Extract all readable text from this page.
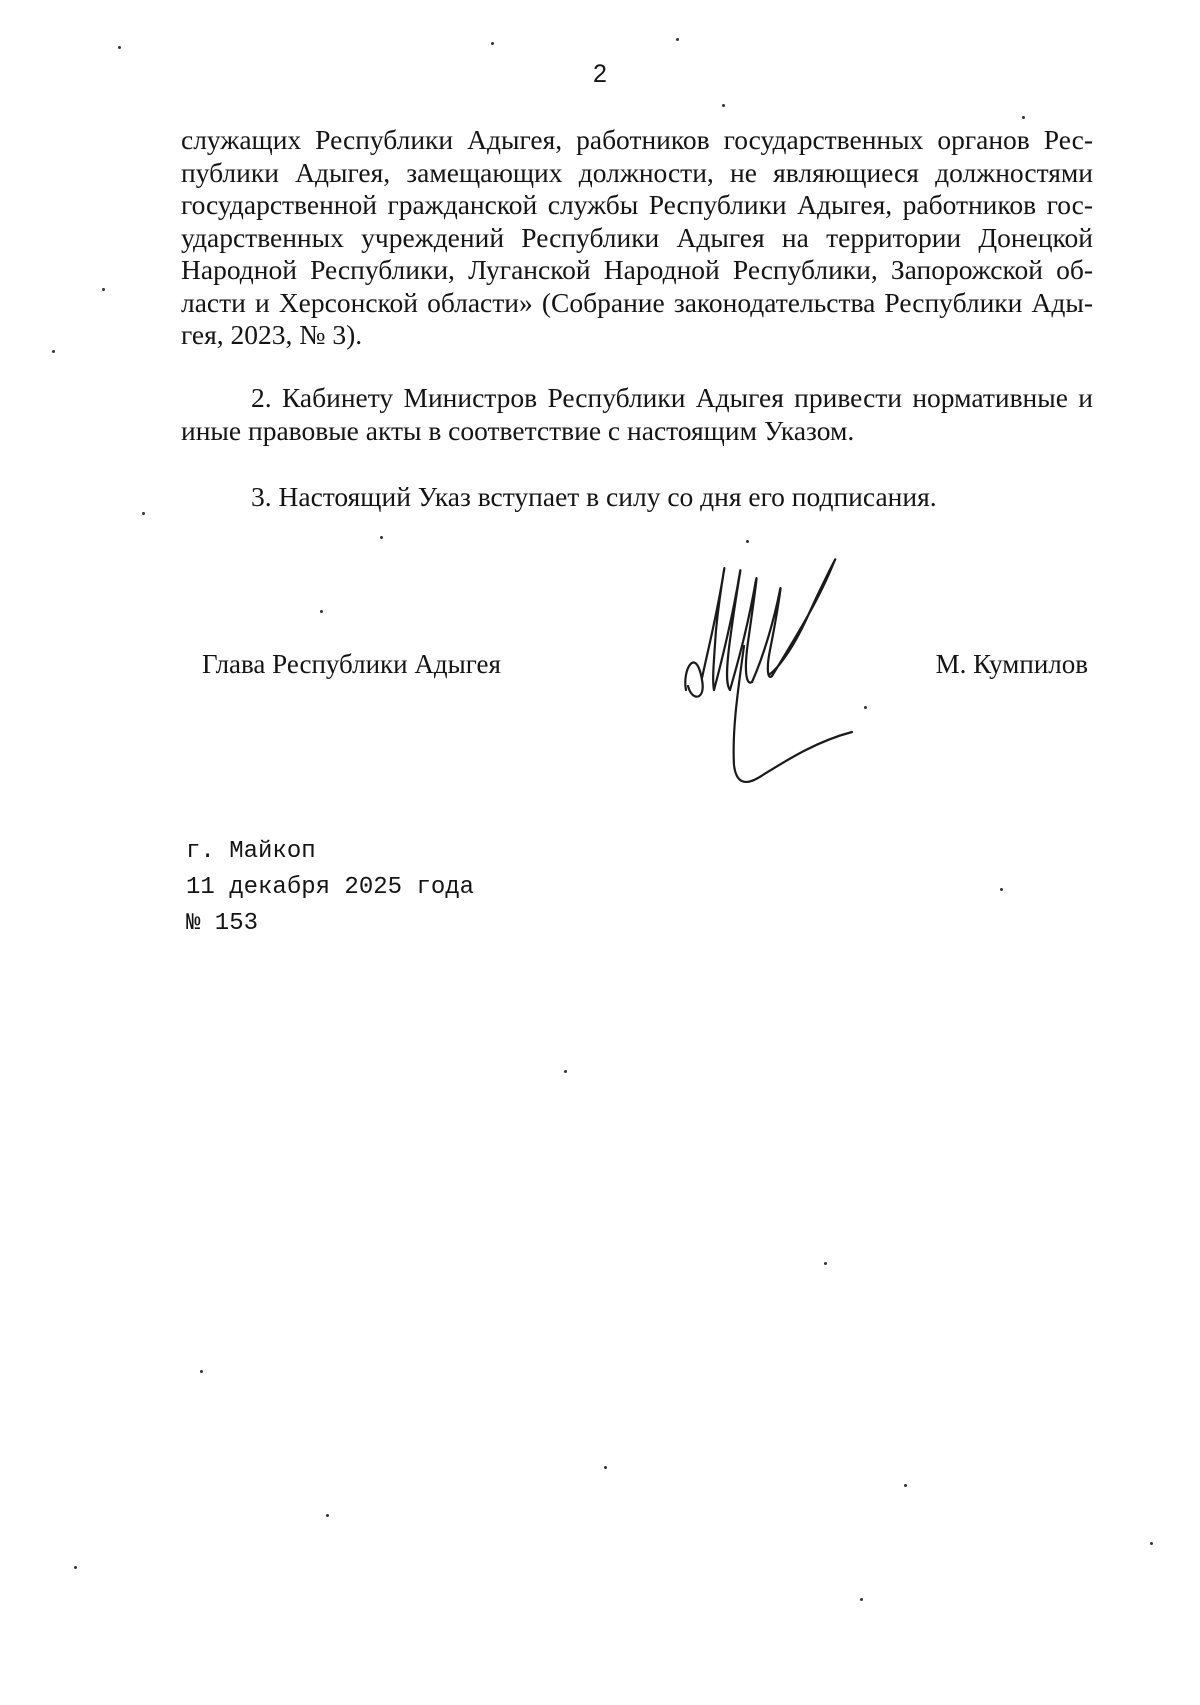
2
служащих Республики Адыгея, работников государственных органов Рес-
публики Адыгея, замещающих должности, не являющиеся должностями
государственной гражданской службы Республики Адыгея, работников гос-
ударственных учреждений Республики Адыгея на территории Донецкой
Народной Республики, Луганской Народной Республики, Запорожской об-
ласти и Херсонской области» (Собрание законодательства Республики Ады-
гея, 2023, № 3).
2. Кабинету Министров Республики Адыгея привести нормативные и
иные правовые акты в соответствие с настоящим Указом.
3. Настоящий Указ вступает в силу со дня его подписания.
Глава Республики Адыгея	М. Кумпилов
г. Майкоп
11 декабря 2025 года
№ 153
